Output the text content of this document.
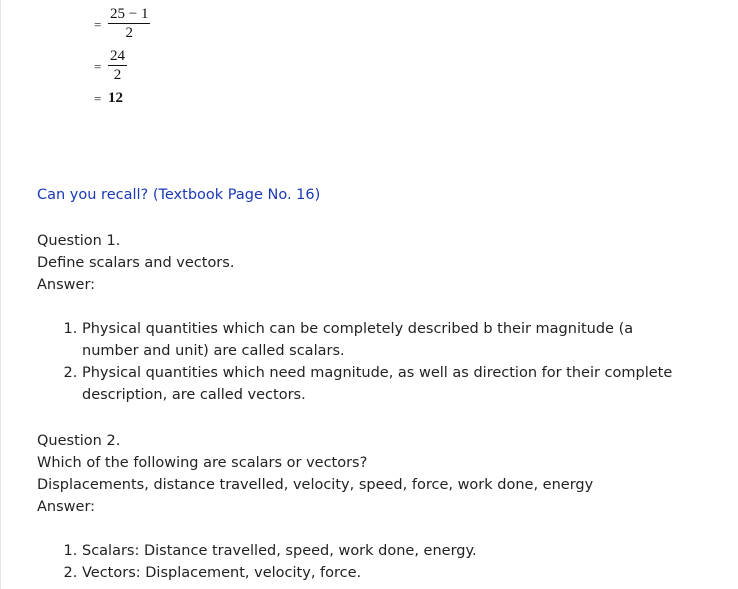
= $\frac{25 - 1}{2}$
= $\frac{24}{2}$
= 12
Can you recall? (Textbook Page No. 16)
Question 1.
Define scalars and vectors.
Answer:
1. Physical quantities which can be completely described b their magnitude (a number and unit) are called scalars.
2. Physical quantities which need magnitude, as well as direction for their complete description, are called vectors.
Question 2.
Which of the following are scalars or vectors?
Displacements, distance travelled, velocity, speed, force, work done, energy
Answer:
1. Scalars: Distance travelled, speed, work done, energy.
2. Vectors: Displacement, velocity, force.
